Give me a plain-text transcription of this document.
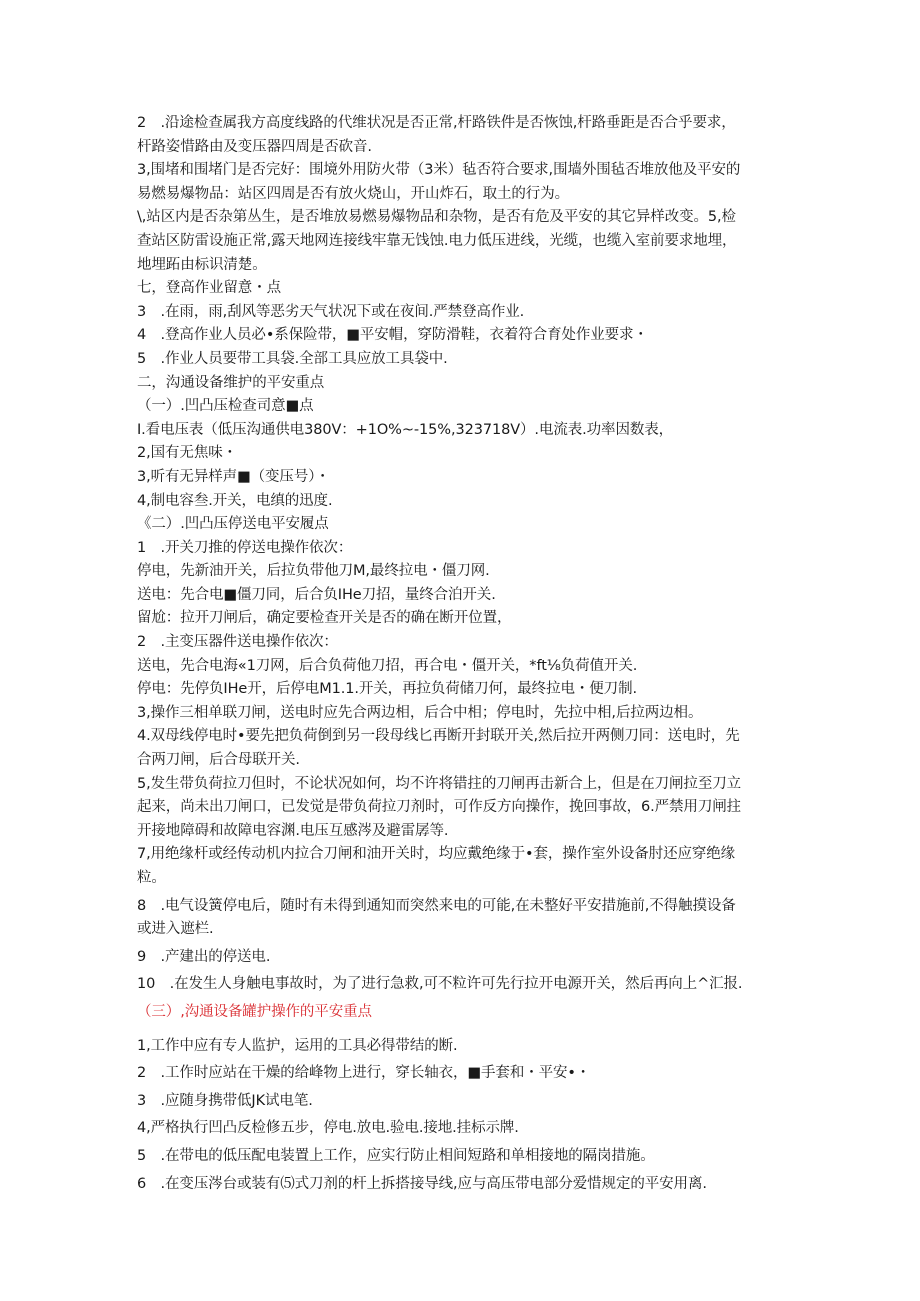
2　.沿途检查属我方高度线路的代维状况是否正常,杆路铁件是否恢蚀,杆路垂距是否合乎要求，
杆路姿惜路由及变压器四周是否砍音.
3,围堵和围堵门是否完好：围境外用防火带（3米）毡否符合要求,围墙外围毡否堆放他及平安的
易燃易爆物品：站区四周是否有放火烧山，开山炸石，取土的行为。
\,站区内是否杂第丛生，是否堆放易燃易爆物品和杂物，是否有危及平安的其它异样改变。5,检
查站区防雷设施正常,露天地网连接线牢靠无饯蚀.电力低压进线，光缆，也缆入室前要求地埋，
地埋跖由标识清楚。
七，登高作业留意・点
3　.在雨，雨,刮风等恶劣天气状况下或在夜间.严禁登高作业.
4　.登高作业人员必•系保险带，■平安帽，穿防滑鞋，衣着符合育处作业要求・
5　.作业人员要带工具袋.全部工具应放工具袋中.
二，沟通设备维护的平安重点
（一）.凹凸压检查司意■点
I.看电压表（低压沟通供电380V：+1O%~-15%,323718V）.电流表.功率因数表，
2,国有无焦味・
3,听有无异样声■（变压号）・
4,制电容叁.开关，电缜的迅度.
《二）.凹凸压停送电平安履点
1　.开关刀推的停送电操作依次：
停电，先新油开关，后拉负带他刀M,最终拉电・僵刀网.
送电：先合电■僵刀同，后合负IHe刀招，量终合泊开关.
留尬：拉开刀闸后，确定要检查开关是否的确在断开位置，
2　.主变压器件送电操作依次：
送电，先合电海«1刀网，后合负荷他刀招，再合电・僵开关，*ft⅛负荷值开关.
停电：先停负IHe开，后停电M1.1.开关，再拉负荷储刀何，最终拉电・便刀制.
3,操作三相单联刀闸，送电时应先合两边相，后合中相；停电时，先拉中相,后拉两边相。
4.双母线停电时•要先把负荷倒到另一段母线匕再断开封联开关,然后拉开两侧刀同：送电时，先
合两刀闸，后合母联开关.
5,发生带负荷拉刀但时，不论状况如何，均不许将错拄的刀闸再击新合上，但是在刀闸拉至刀立
起来，尚未出刀闸口，已发觉是带负荷拉刀剂时，可作反方向操作，挽回事故，6.严禁用刀闸拄
开接地障碍和故障电容渊.电压互感涔及避雷孱等.
7,用绝缘杆或经传动机内拉合刀闸和油开关时，均应戴绝缘于•套，操作室外设备肘还应穿绝缘
粒。
8　.电气设簧停电后，随时有未得到通知而突然来电的可能,在未整好平安措施前,不得触摸设备
或进入遮栏.
9　.产建出的停送电.
10　.在发生人身触电事故时，为了进行急救,可不粒许可先行拉开电源开关，然后再向上^汇报.
（三）,沟通设备罐护操作的平安重点
1,工作中应有专人监护，运用的工具必得带结的断.
2　.工作时应站在干燥的给峰物上进行，穿长轴衣，■手套和・平安•・
3　.应随身携带低JK试电笔.
4,严格执行凹凸反检修五步，停电.放电.验电.接地.挂标示牌.
5　.在带电的低压配电装置上工作，应实行防止相间短路和单相接地的隔岗措施。
6　.在变压涔台或装有⑸式刀剂的杆上拆搭接导线,应与高压带电部分爱惜规定的平安用离.
